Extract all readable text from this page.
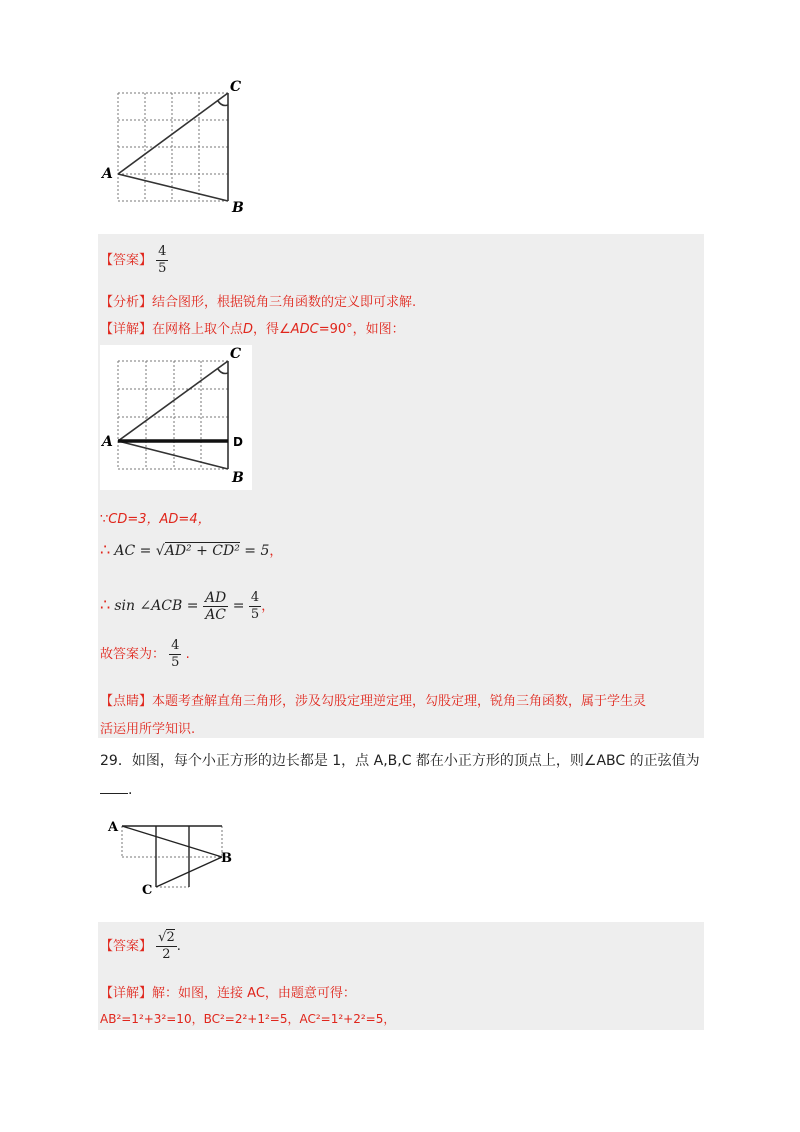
A
B
C
【答案】 $\frac{4}{5}$
【分析】结合图形，根据锐角三角函数的定义即可求解.
【详解】在网格上取个点D，得∠ADC=90°，如图：
A
B
C
D
∵CD=3，AD=4，
∴ AC = √AD² + CD² = 5，
∴ sin ∠ACB = $\frac{AD}{AC} = \frac{4}{5}$ ，
故答案为： $\frac{4}{5}$ .
【点睛】本题考查解直角三角形，涉及勾股定理逆定理，勾股定理，锐角三角函数，属于学生灵
活运用所学知识.
29．如图，每个小正方形的边长都是 1，点 A,B,C 都在小正方形的顶点上，则∠ABC 的正弦值为
.
A
B
C
【答案】 $\frac{√2}{2}$ .
【详解】解：如图，连接 AC，由题意可得：
AB²=1²+3²=10，BC²=2²+1²=5，AC²=1²+2²=5，
